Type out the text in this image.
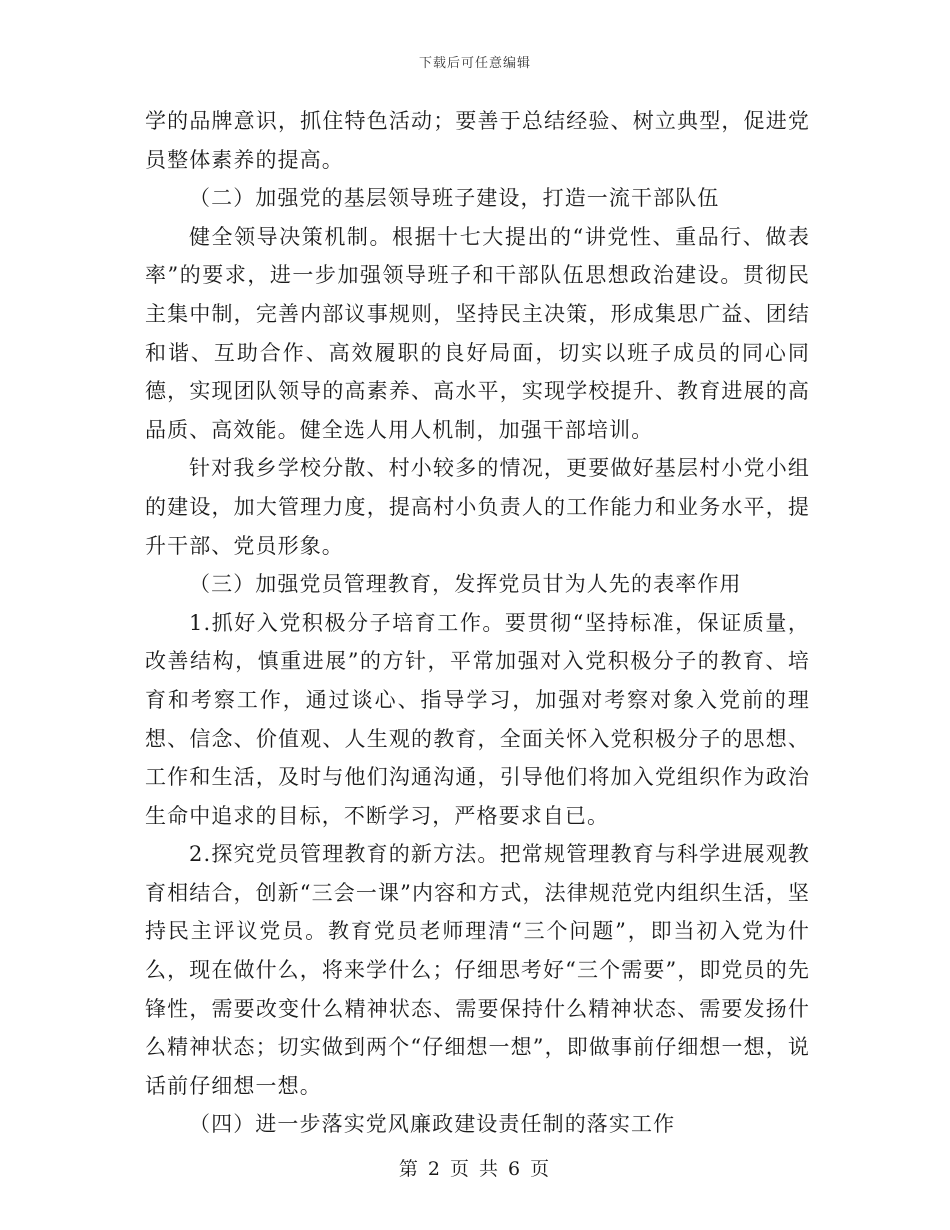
下载后可任意编辑

学的品牌意识，抓住特色活动；要善于总结经验、树立典型，促进党员整体素养的提高。

（二）加强党的基层领导班子建设，打造一流干部队伍

健全领导决策机制。根据十七大提出的“讲党性、重品行、做表率”的要求，进一步加强领导班子和干部队伍思想政治建设。贯彻民主集中制，完善内部议事规则，坚持民主决策，形成集思广益、团结和谐、互助合作、高效履职的良好局面，切实以班子成员的同心同德，实现团队领导的高素养、高水平，实现学校提升、教育进展的高品质、高效能。健全选人用人机制，加强干部培训。

针对我乡学校分散、村小较多的情况，更要做好基层村小党小组的建设，加大管理力度，提高村小负责人的工作能力和业务水平，提升干部、党员形象。

（三）加强党员管理教育，发挥党员甘为人先的表率作用

1.抓好入党积极分子培育工作。要贯彻“坚持标准，保证质量，改善结构，慎重进展”的方针，平常加强对入党积极分子的教育、培育和考察工作，通过谈心、指导学习，加强对考察对象入党前的理想、信念、价值观、人生观的教育，全面关怀入党积极分子的思想、工作和生活，及时与他们沟通沟通，引导他们将加入党组织作为政治生命中追求的目标，不断学习，严格要求自已。

2.探究党员管理教育的新方法。把常规管理教育与科学进展观教育相结合，创新“三会一课”内容和方式，法律规范党内组织生活，坚持民主评议党员。教育党员老师理清“三个问题”，即当初入党为什么，现在做什么，将来学什么；仔细思考好“三个需要”，即党员的先锋性，需要改变什么精神状态、需要保持什么精神状态、需要发扬什么精神状态；切实做到两个“仔细想一想”，即做事前仔细想一想，说话前仔细想一想。

（四）进一步落实党风廉政建设责任制的落实工作

第 2 页 共 6 页
